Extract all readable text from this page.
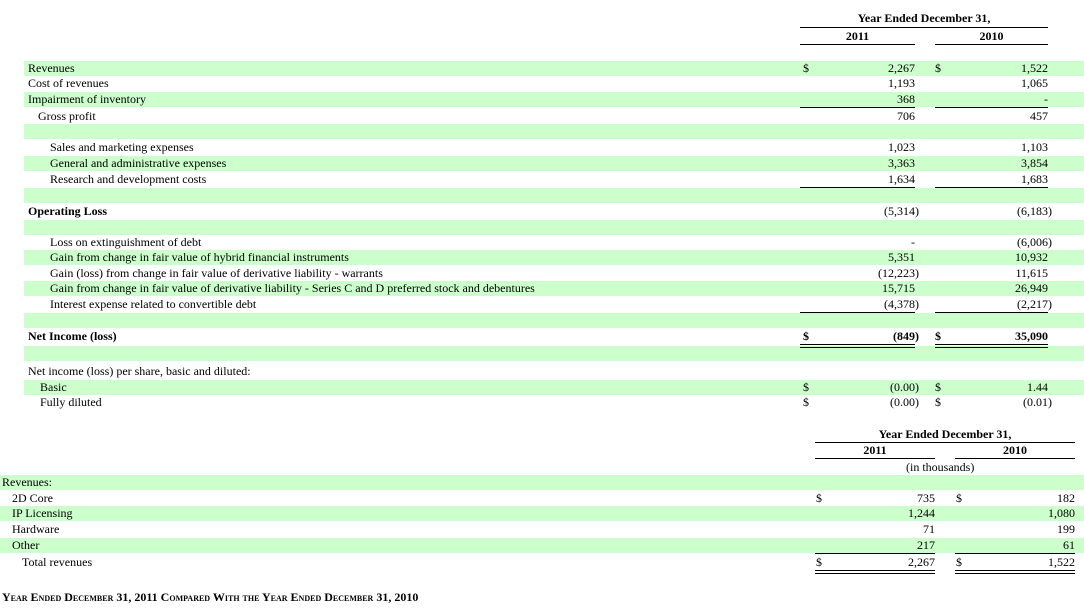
Year Ended December 31,
2011	2010
Revenues	$	2,267 $	1,522
Cost of revenues	1,193	1,065
Impairment of inventory	368	-
Gross profit	706	457
Sales and marketing expenses	1,023	1,103
General and administrative expenses	3,363	3,854
Research and development costs	1,634	1,683
Operating Loss	(5,314)	(6,183)
Loss on extinguishment of debt	-	(6,006)
Gain from change in fair value of hybrid financial instruments	5,351	10,932
Gain (loss) from change in fair value of derivative liability - warrants	(12,223)	11,615
Gain from change in fair value of derivative liability - Series C and D preferred stock and debentures	15,715	26,949
Interest expense related to convertible debt	(4,378)	(2,217)
Net Income (loss)	$	(849) $	35,090
Net income (loss) per share, basic and diluted:
Basic	$	(0.00) $	1.44
Fully diluted	$	(0.00) $	(0.01)
Year Ended December 31,
2011	2010
(in thousands)
Revenues:
2D Core	$	735 $	182
IP Licensing	1,244	1,080
Hardware	71	199
Other	217	61
Total revenues	$	2,267 $	1,522
Year Ended December 31, 2011 Compared With the Year Ended December 31, 2010
